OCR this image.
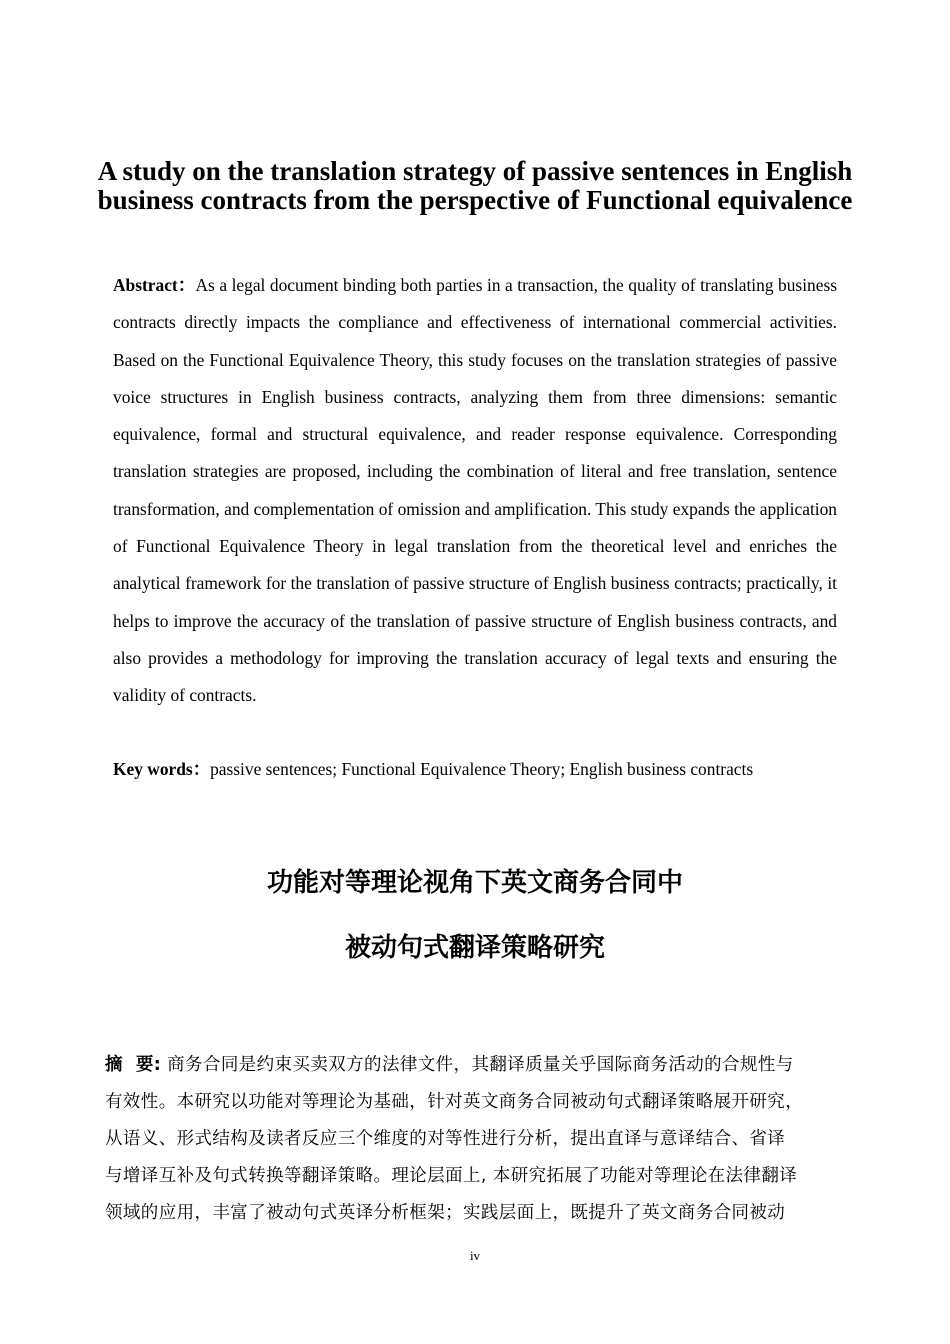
A study on the translation strategy of passive sentences in English business contracts from the perspective of Functional equivalence

Abstract：As a legal document binding both parties in a transaction, the quality of translating business contracts directly impacts the compliance and effectiveness of international commercial activities. Based on the Functional Equivalence Theory, this study focuses on the translation strategies of passive voice structures in English business contracts, analyzing them from three dimensions: semantic equivalence, formal and structural equivalence, and reader response equivalence. Corresponding translation strategies are proposed, including the combination of literal and free translation, sentence transformation, and complementation of omission and amplification. This study expands the application of Functional Equivalence Theory in legal translation from the theoretical level and enriches the analytical framework for the translation of passive structure of English business contracts; practically, it helps to improve the accuracy of the translation of passive structure of English business contracts, and also provides a methodology for improving the translation accuracy of legal texts and ensuring the validity of contracts.

Key words：passive sentences; Functional Equivalence Theory; English business contracts

功能对等理论视角下英文商务合同中
被动句式翻译策略研究
摘  要: 商务合同是约束买卖双方的法律文件，其翻译质量关乎国际商务活动的合规性与
有效性。本研究以功能对等理论为基础，针对英文商务合同被动句式翻译策略展开研究，
从语义、形式结构及读者反应三个维度的对等性进行分析，提出直译与意译结合、省译
与增译互补及句式转换等翻译策略。理论层面上, 本研究拓展了功能对等理论在法律翻译
领域的应用，丰富了被动句式英译分析框架；实践层面上，既提升了英文商务合同被动
iv
